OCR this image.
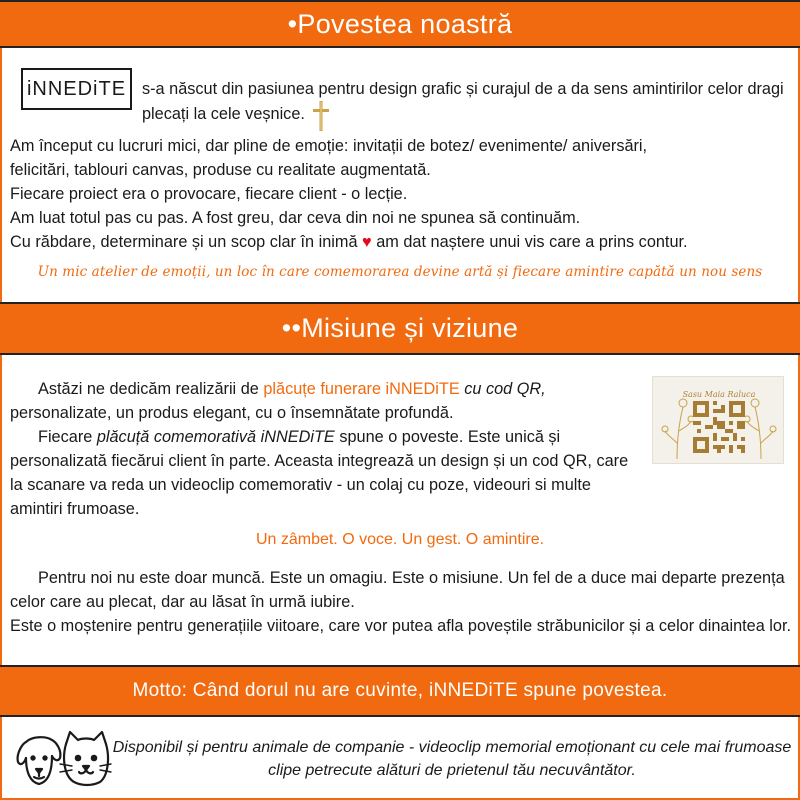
•Povestea noastră
iNNEDiTE s-a născut din pasiunea pentru design grafic și curajul de a da sens amintirilor celor dragi plecați la cele veșnice.
Am început cu lucruri mici, dar pline de emoție: invitații de botez/ evenimente/ aniversări,
felicitări, tablouri canvas, produse cu realitate augmentată.
Fiecare proiect era o provocare, fiecare client - o lecție.
Am luat totul pas cu pas. A fost greu, dar ceva din noi ne spunea să continuăm.
Cu răbdare, determinare și un scop clar în inimă ♥ am dat naștere unui vis care a prins contur.
Un mic atelier de emoții, un loc în care comemorarea devine artă și fiecare amintire capătă un nou sens
••Misiune și viziune
Astăzi ne dedicăm realizării de plăcuțe funerare iNNEDiTE cu cod QR, personalizate, un produs elegant, cu o însemnătate profundă.
Fiecare plăcuță comemorativă iNNEDiTE spune o poveste. Este unică și personalizată fiecărui client în parte. Aceasta integrează un design și un cod QR, care la scanare va reda un videoclip comemorativ - un colaj cu poze, videouri si multe amintiri frumoase.
Sasu Maia Raluca
Un zâmbet. O voce. Un gest. O amintire.
Pentru noi nu este doar muncă. Este un omagiu. Este o misiune. Un fel de a duce mai departe prezența celor care au plecat, dar au lăsat în urmă iubire.
Este o moștenire pentru generațiile viitoare, care vor putea afla poveștile străbunicilor și a celor dinaintea lor.
Motto: Când dorul nu are cuvinte, iNNEDiTE spune povestea.
Disponibil și pentru animale de companie - videoclip memorial emoționant cu cele mai frumoase clipe petrecute alături de prietenul tău necuvântător.
